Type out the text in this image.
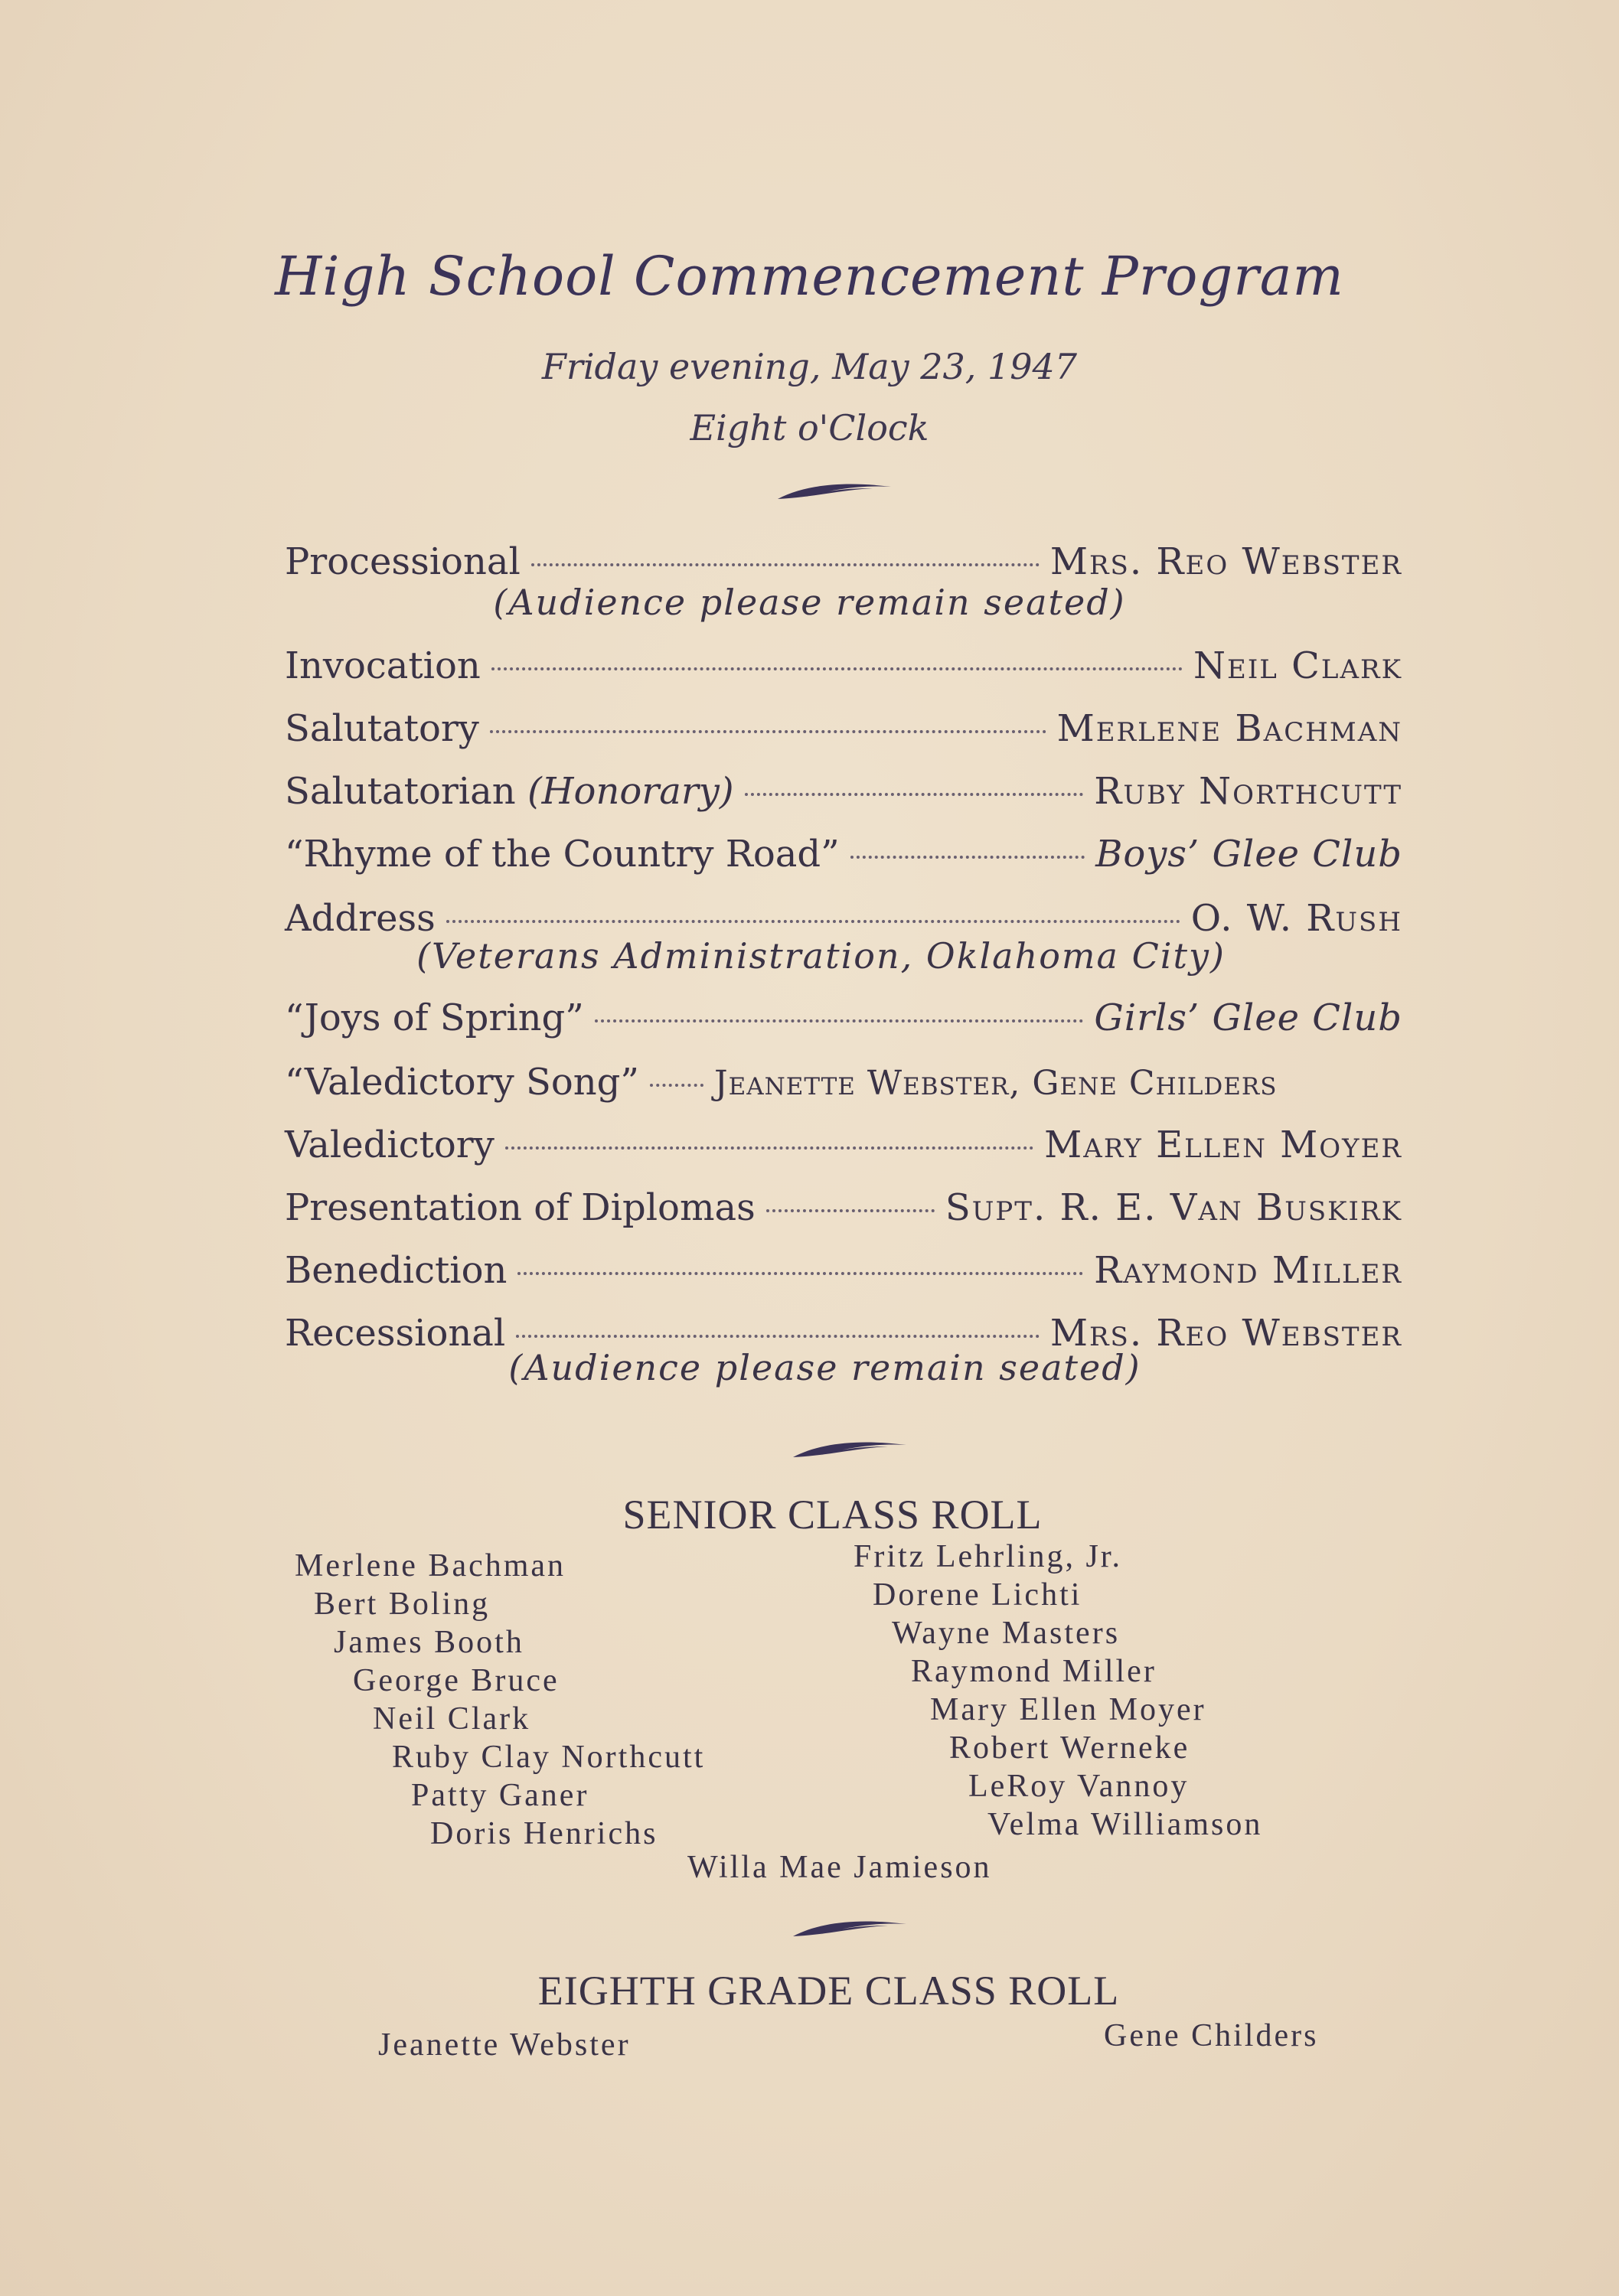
High School Commencement Program
Friday evening, May 23, 1947
Eight o'Clock
Processional	Mrs. Reo Webster
(Audience please remain seated)
Invocation	Neil Clark
Salutatory	Merlene Bachman
Salutatorian (Honorary)	Ruby Northcutt
“Rhyme of the Country Road”	Boys’ Glee Club
Address	O. W. Rush
(Veterans Administration, Oklahoma City)
“Joys of Spring”	Girls’ Glee Club
“Valedictory Song” Jeanette Webster, Gene Childers
Valedictory	Mary Ellen Moyer
Presentation of Diplomas	Supt. R. E. Van Buskirk
Benediction	Raymond Miller
Recessional	Mrs. Reo Webster
(Audience please remain seated)
SENIOR CLASS ROLL
Merlene Bachman
Bert Boling
James Booth
George Bruce
Neil Clark
Ruby Clay Northcutt
Patty Ganer
Doris Henrichs
Fritz Lehrling, Jr.
Dorene Lichti
Wayne Masters
Raymond Miller
Mary Ellen Moyer
Robert Werneke
LeRoy Vannoy
Velma Williamson
Willa Mae Jamieson
EIGHTH GRADE CLASS ROLL
Jeanette Webster	Gene Childers
